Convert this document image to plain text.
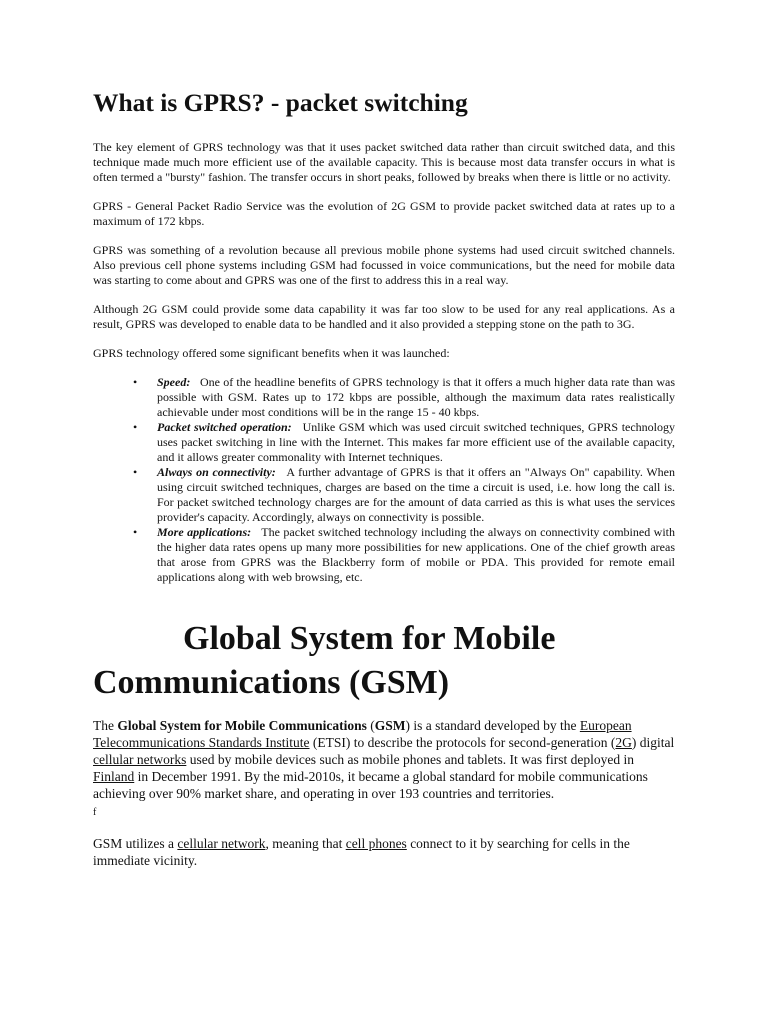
What is GPRS? - packet switching

The key element of GPRS technology was that it uses packet switched data rather than circuit switched data, and this technique made much more efficient use of the available capacity. This is because most data transfer occurs in what is often termed a "bursty" fashion. The transfer occurs in short peaks, followed by breaks when there is little or no activity.

GPRS - General Packet Radio Service was the evolution of 2G GSM to provide packet switched data at rates up to a maximum of 172 kbps.

GPRS was something of a revolution because all previous mobile phone systems had used circuit switched channels. Also previous cell phone systems including GSM had focussed in voice communications, but the need for mobile data was starting to come about and GPRS was one of the first to address this in a real way.

Although 2G GSM could provide some data capability it was far too slow to be used for any real applications. As a result, GPRS was developed to enable data to be handled and it also provided a stepping stone on the path to 3G.

GPRS technology offered some significant benefits when it was launched:

• Speed: One of the headline benefits of GPRS technology is that it offers a much higher data rate than was possible with GSM. Rates up to 172 kbps are possible, although the maximum data rates realistically achievable under most conditions will be in the range 15 - 40 kbps.
• Packet switched operation: Unlike GSM which was used circuit switched techniques, GPRS technology uses packet switching in line with the Internet. This makes far more efficient use of the available capacity, and it allows greater commonality with Internet techniques.
• Always on connectivity: A further advantage of GPRS is that it offers an "Always On" capability. When using circuit switched techniques, charges are based on the time a circuit is used, i.e. how long the call is. For packet switched technology charges are for the amount of data carried as this is what uses the services provider's capacity. Accordingly, always on connectivity is possible.
• More applications: The packet switched technology including the always on connectivity combined with the higher data rates opens up many more possibilities for new applications. One of the chief growth areas that arose from GPRS was the Blackberry form of mobile or PDA. This provided for remote email applications along with web browsing, etc.
Global System for Mobile Communications (GSM)

The Global System for Mobile Communications (GSM) is a standard developed by the European Telecommunications Standards Institute (ETSI) to describe the protocols for second-generation (2G) digital cellular networks used by mobile devices such as mobile phones and tablets. It was first deployed in Finland in December 1991. By the mid-2010s, it became a global standard for mobile communications achieving over 90% market share, and operating in over 193 countries and territories.
f

GSM utilizes a cellular network, meaning that cell phones connect to it by searching for cells in the immediate vicinity.
